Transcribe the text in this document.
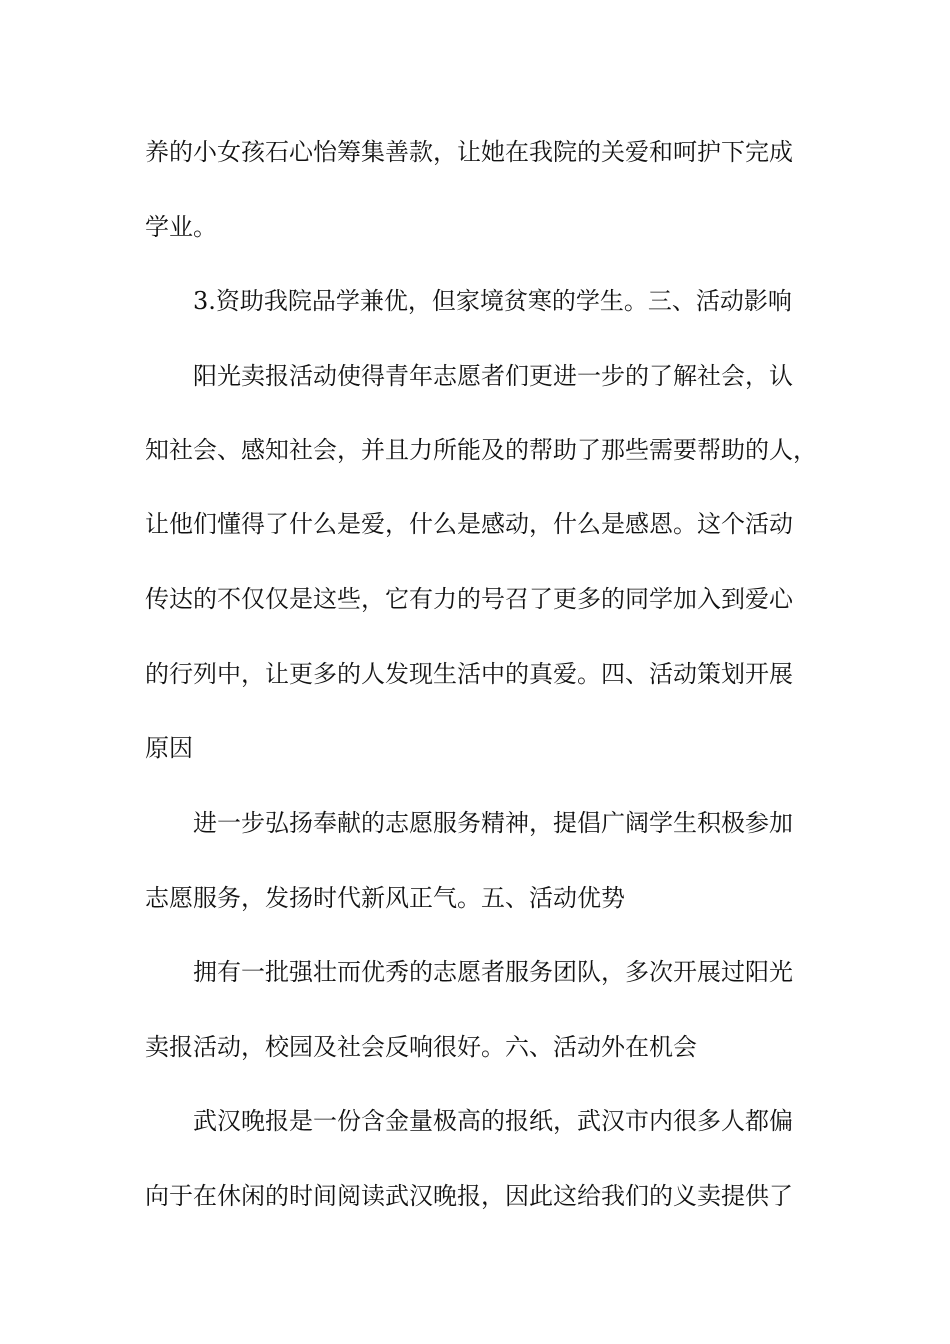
养的小女孩石心怡筹集善款，让她在我院的关爱和呵护下完成
学业。
3.资助我院品学兼优，但家境贫寒的学生。三、活动影响
阳光卖报活动使得青年志愿者们更进一步的了解社会，认
知社会、感知社会，并且力所能及的帮助了那些需要帮助的人，
让他们懂得了什么是爱，什么是感动，什么是感恩。这个活动
传达的不仅仅是这些，它有力的号召了更多的同学加入到爱心
的行列中，让更多的人发现生活中的真爱。四、活动策划开展
原因
进一步弘扬奉献的志愿服务精神，提倡广阔学生积极参加
志愿服务，发扬时代新风正气。五、活动优势
拥有一批强壮而优秀的志愿者服务团队，多次开展过阳光
卖报活动，校园及社会反响很好。六、活动外在机会
武汉晚报是一份含金量极高的报纸，武汉市内很多人都偏
向于在休闲的时间阅读武汉晚报，因此这给我们的义卖提供了
